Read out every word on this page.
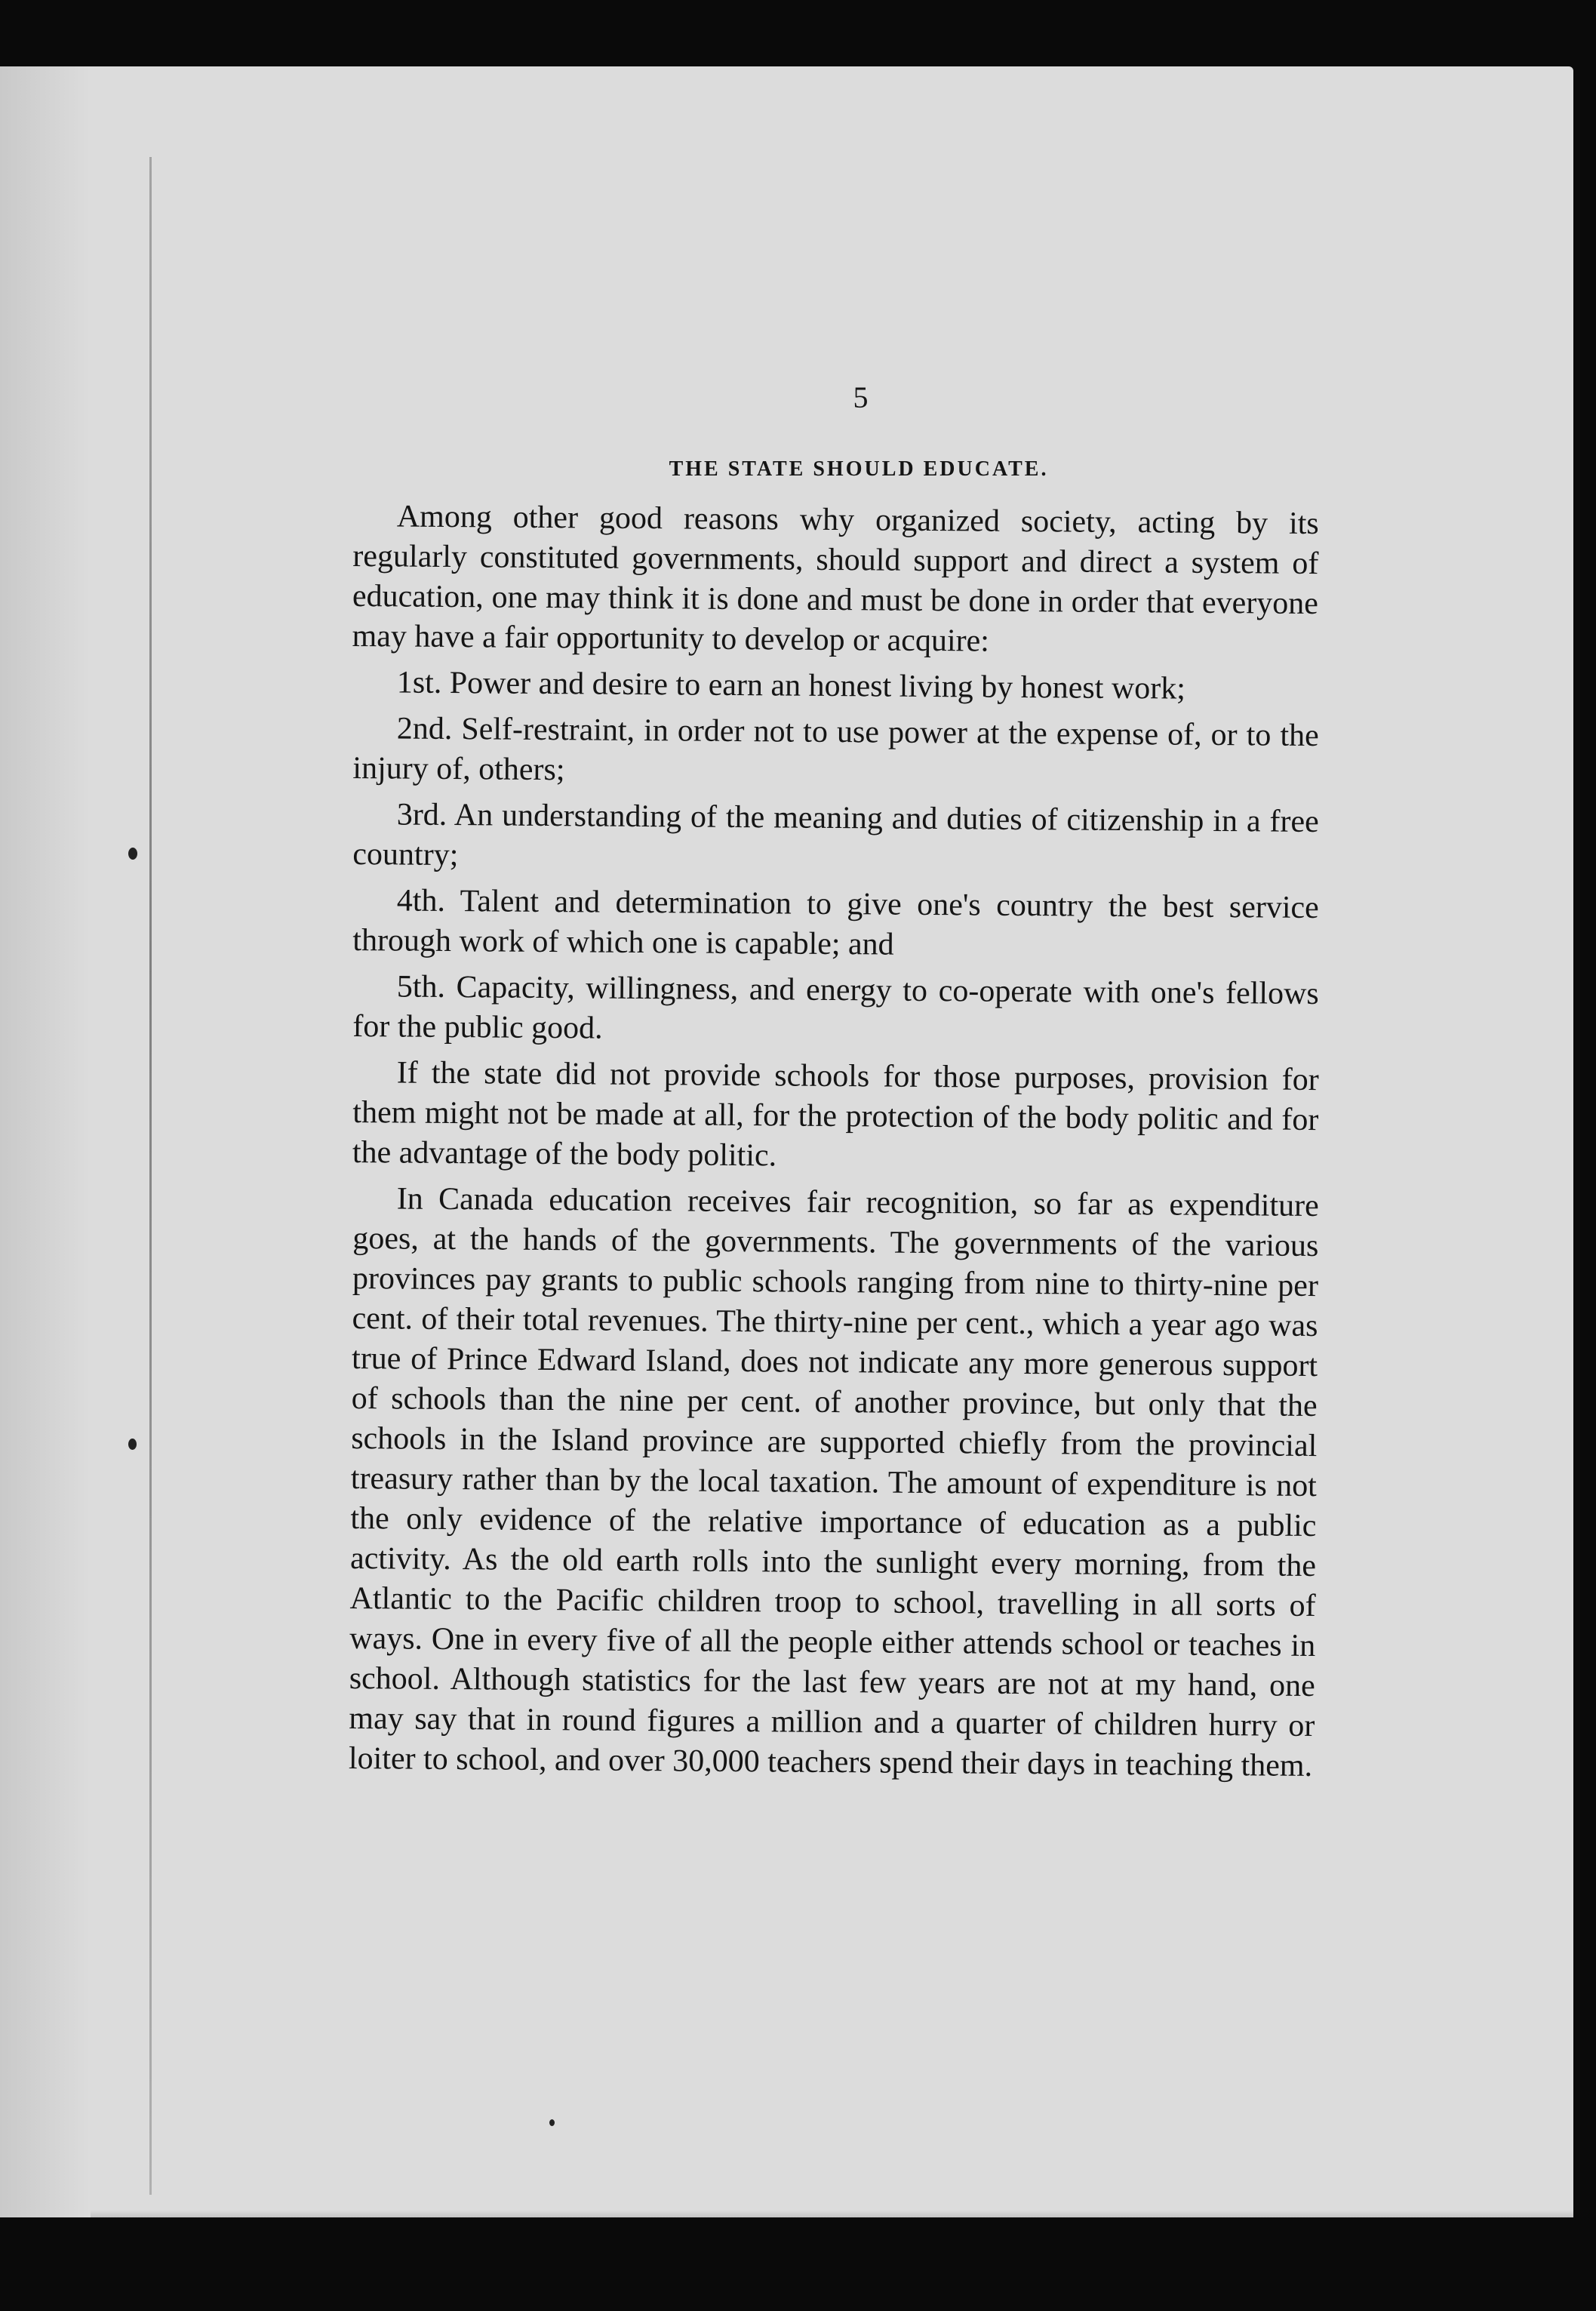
5
THE STATE SHOULD EDUCATE.

Among other good reasons why organized society, acting by its regularly constituted governments, should support and direct a system of education, one may think it is done and must be done in order that everyone may have a fair opportunity to develop or acquire:

1st. Power and desire to earn an honest living by honest work;

2nd. Self-restraint, in order not to use power at the expense of, or to the injury of, others;

3rd. An understanding of the meaning and duties of citizenship in a free country;

4th. Talent and determination to give one's country the best service through work of which one is capable; and

5th. Capacity, willingness, and energy to co-operate with one's fellows for the public good.

If the state did not provide schools for those purposes, provision for them might not be made at all, for the protection of the body politic and for the advantage of the body politic.

In Canada education receives fair recognition, so far as expenditure goes, at the hands of the governments. The governments of the various provinces pay grants to public schools ranging from nine to thirty-nine per cent. of their total revenues. The thirty-nine per cent., which a year ago was true of Prince Edward Island, does not indicate any more generous support of schools than the nine per cent. of another province, but only that the schools in the Island province are supported chiefly from the provincial treasury rather than by the local taxation. The amount of expenditure is not the only evidence of the relative importance of education as a public activity. As the old earth rolls into the sunlight every morning, from the Atlantic to the Pacific children troop to school, travelling in all sorts of ways. One in every five of all the people either attends school or teaches in school. Although statistics for the last few years are not at my hand, one may say that in round figures a million and a quarter of children hurry or loiter to school, and over 30,000 teachers spend their days in teaching them.
